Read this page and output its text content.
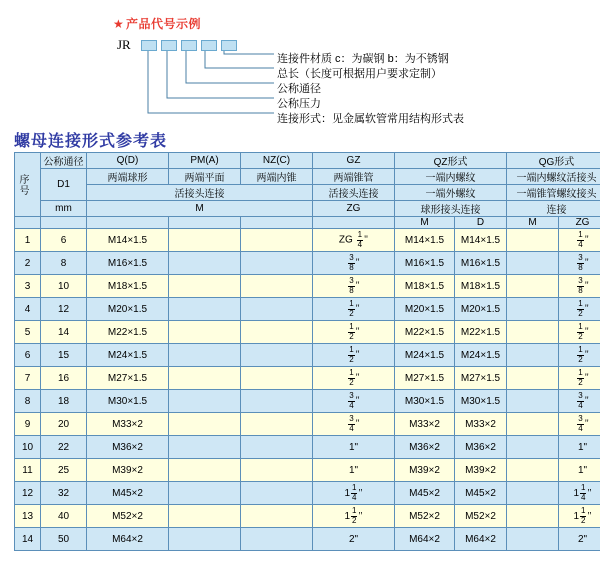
★ 产品代号示例
JR
连接件材质 c：为碳钢 b：为不锈钢
总长（长度可根据用户要求定制）
公称通径
公称压力
连接形式：见金属软管常用结构形式表
螺母连接形式参考表
序号	公称通径	Q(D)	PM(A)	NZ(C)	GZ	QZ形式		QG形式	
	D1	两端球形	两端平面	两端内锥	两端锥管	一端内螺纹		一端内螺纹活接头	
		活接头连接			活接头连接	一端外螺纹		一端锥管螺纹接头	
	mm	M			ZG	球形接头连接		连接	
						M	D	M	ZG
1	6	M14×1.5			ZG $\frac{1}{4}$ "	M14×1.5	M14×1.5		$\frac{1}{4}$ "
2	8	M16×1.5			$\frac{3}{8}$ "	M16×1.5	M16×1.5		$\frac{3}{8}$ "
3	10	M18×1.5			$\frac{3}{8}$ "	M18×1.5	M18×1.5		$\frac{3}{8}$ "
4	12	M20×1.5			$\frac{1}{2}$ "	M20×1.5	M20×1.5		$\frac{1}{2}$ "
5	14	M22×1.5			$\frac{1}{2}$ "	M22×1.5	M22×1.5		$\frac{1}{2}$ "
6	15	M24×1.5			$\frac{1}{2}$ "	M24×1.5	M24×1.5		$\frac{1}{2}$ "
7	16	M27×1.5			$\frac{1}{2}$ "	M27×1.5	M27×1.5		$\frac{1}{2}$ "
8	18	M30×1.5			$\frac{3}{4}$ "	M30×1.5	M30×1.5		$\frac{3}{4}$ "
9	20	M33×2			$\frac{3}{4}$ "	M33×2	M33×2		$\frac{3}{4}$ "
10	22	M36×2			1"	M36×2	M36×2		1"
11	25	M39×2			1"	M39×2	M39×2		1"
12	32	M45×2			$1 \frac{1}{4}$ "	M45×2	M45×2		$1 \frac{1}{4}$ "
13	40	M52×2			$1 \frac{1}{2}$ "	M52×2	M52×2		$1 \frac{1}{2}$ "
14	50	M64×2			2"	M64×2	M64×2		2"
